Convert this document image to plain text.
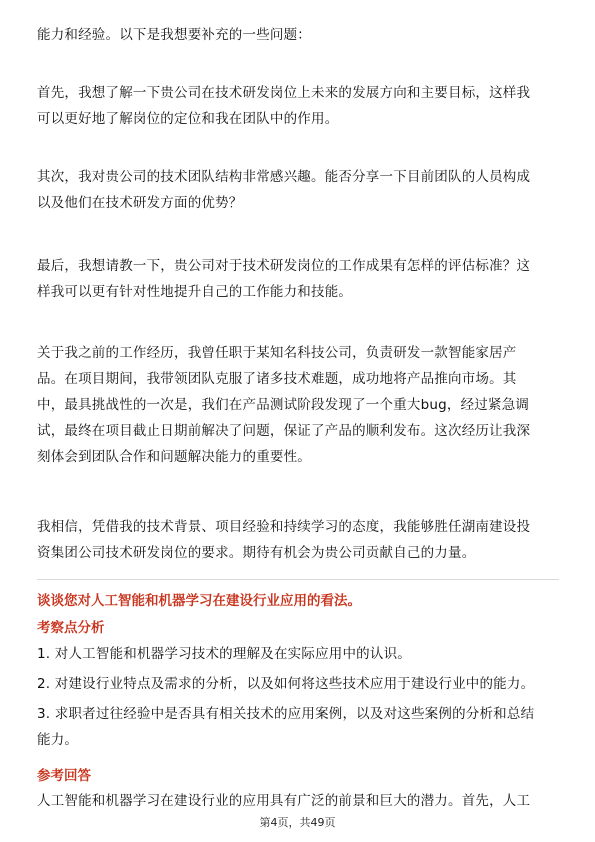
能力和经验。以下是我想要补充的一些问题：

首先，我想了解一下贵公司在技术研发岗位上未来的发展方向和主要目标，这样我
可以更好地了解岗位的定位和我在团队中的作用。

其次，我对贵公司的技术团队结构非常感兴趣。能否分享一下目前团队的人员构成
以及他们在技术研发方面的优势？

最后，我想请教一下，贵公司对于技术研发岗位的工作成果有怎样的评估标准？这
样我可以更有针对性地提升自己的工作能力和技能。

关于我之前的工作经历，我曾任职于某知名科技公司，负责研发一款智能家居产
品。在项目期间，我带领团队克服了诸多技术难题，成功地将产品推向市场。其
中，最具挑战性的一次是，我们在产品测试阶段发现了一个重大bug，经过紧急调
试，最终在项目截止日期前解决了问题，保证了产品的顺利发布。这次经历让我深
刻体会到团队合作和问题解决能力的重要性。

我相信，凭借我的技术背景、项目经验和持续学习的态度，我能够胜任湖南建设投
资集团公司技术研发岗位的要求。期待有机会为贵公司贡献自己的力量。

谈谈您对人工智能和机器学习在建设行业应用的看法。
考察点分析
1. 对人工智能和机器学习技术的理解及在实际应用中的认识。
2. 对建设行业特点及需求的分析，以及如何将这些技术应用于建设行业中的能力。
3. 求职者过往经验中是否具有相关技术的应用案例，以及对这些案例的分析和总结
能力。
参考回答
人工智能和机器学习在建设行业的应用具有广泛的前景和巨大的潜力。首先，人工
第4页，共49页
